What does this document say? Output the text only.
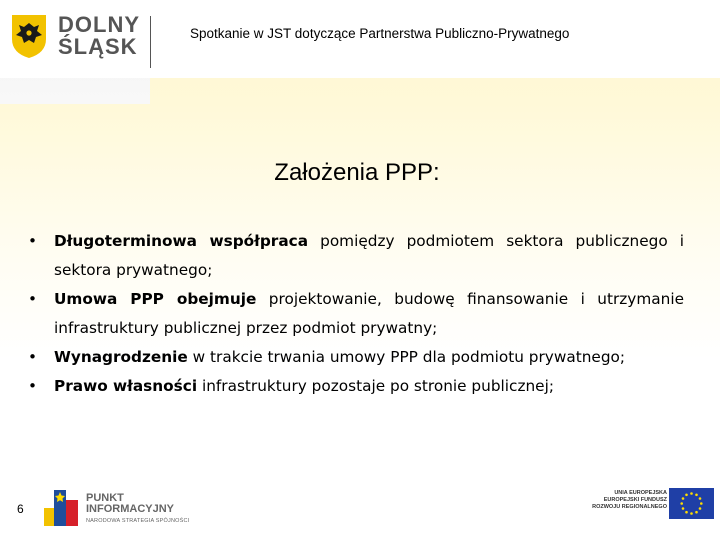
DOLNY
ŚLĄSK
Spotkanie w JST dotyczące Partnerstwa Publiczno-Prywatnego
Założenia PPP:
• Długoterminowa współpraca pomiędzy podmiotem sektora publicznego i sektora prywatnego;
• Umowa PPP obejmuje projektowanie, budowę finansowanie i utrzymanie infrastruktury publicznej przez podmiot prywatny;
• Wynagrodzenie w trakcie trwania umowy PPP dla podmiotu prywatnego;
• Prawo własności infrastruktury pozostaje po stronie publicznej;
6
PUNKT
INFORMACYJNY
NARODOWA STRATEGIA SPÓJNOŚCI
UNIA EUROPEJSKA
EUROPEJSKI FUNDUSZ
ROZWOJU REGIONALNEGO
